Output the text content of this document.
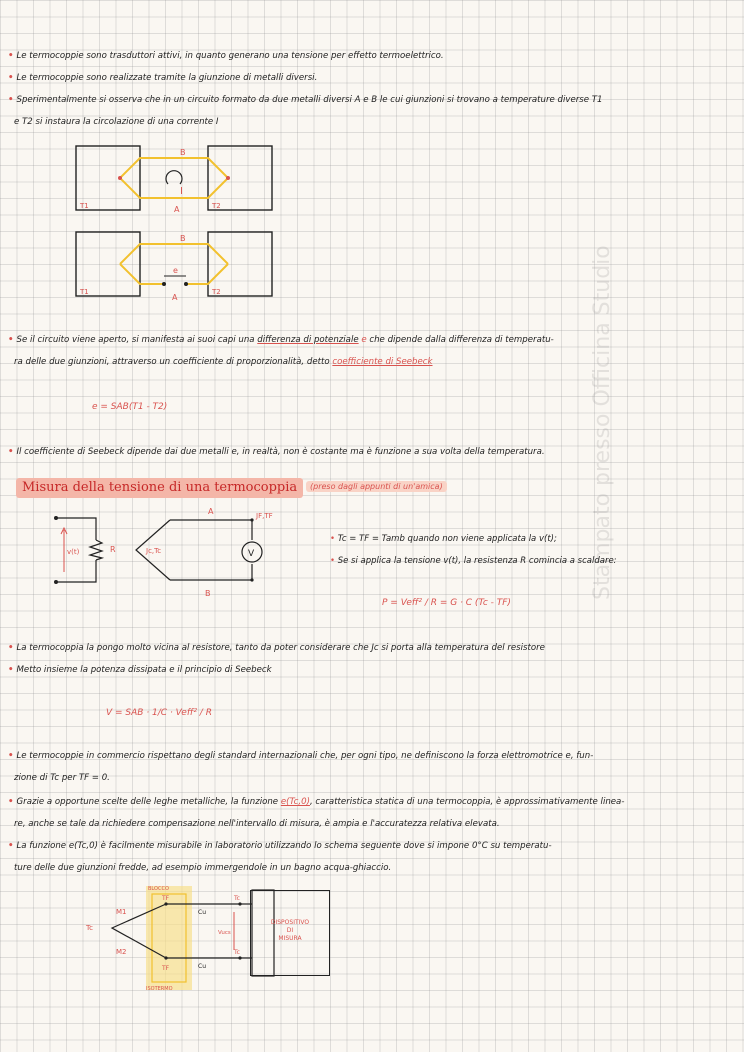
Stampato presso Officina Studio
• Le termocoppie sono trasduttori attivi, in quanto generano una tensione per effetto termoelettrico.
• Le termocoppie sono realizzate tramite la giunzione di metalli diversi.
• Sperimentalmente si osserva che in un circuito formato da due metalli diversi A e B le cui giunzioni si trovano a temperature diverse T1
e T2 si instaura la circolazione di una corrente I
• Se il circuito viene aperto, si manifesta ai suoi capi una differenza di potenziale e che dipende dalla differenza di temperatu-
ra delle due giunzioni, attraverso un coefficiente di proporzionalità, detto coefficiente di Seebeck
e = SAB(T1 - T2)
• Il coefficiente di Seebeck dipende dai due metalli e, in realtà, non è costante ma è funzione a sua volta della temperatura.
Misura della tensione di una termocoppia	(preso dagli appunti di un'amica)
• Tc = TF = Tamb quando non viene applicata la v(t);
• Se si applica la tensione v(t), la resistenza R comincia a scaldare:
P = Veff² / R = G · C (Tc - TF)
• La termocoppia la pongo molto vicina al resistore, tanto da poter considerare che Jc si porta alla temperatura del resistore
• Metto insieme la potenza dissipata e il principio di Seebeck
V = SAB · 1/C · Veff² / R
• Le termocoppie in commercio rispettano degli standard internazionali che, per ogni tipo, ne definiscono la forza elettromotrice e, fun-
zione di Tc per TF = 0.
• Grazie a opportune scelte delle leghe metalliche, la funzione e(Tc,0), caratteristica statica di una termocoppia, è approssimativamente linea-
re, anche se tale da richiedere compensazione nell'intervallo di misura, è ampia e l'accuratezza relativa elevata.
• La funzione e(Tc,0) è facilmente misurabile in laboratorio utilizzando lo schema seguente dove si impone 0°C su temperatu-
ture delle due giunzioni fredde, ad esempio immergendole in un bagno acqua-ghiaccio.
B
A
I
T1	T2
B
A
e
T1	T2
v(t)	R	V
Jc,Tc
JF,TF
A
B
Tc
M1
M2
BLOCCO
ISOTERMO
TF
TF
Cu
Cu
Tc
Tc
Vucs
DISPOSITIVO
DI
MISURA
